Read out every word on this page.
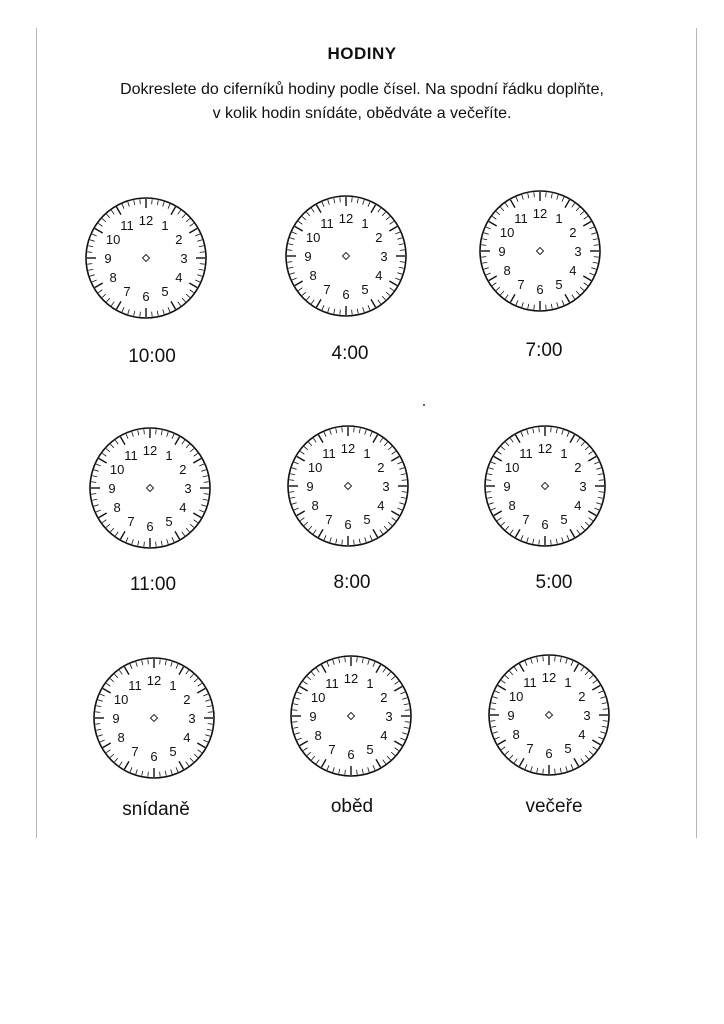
HODINY
Dokreslete do ciferníků hodiny podle čísel. Na spodní řádku doplňte,
v kolik hodin snídáte, obědváte a večeříte.
12 1
2
3
4
5
6
7
8
9
10
11
10:00
12 1
2
3
4
5
6
7
8
9
10
11
4:00
12 1
2
3
4
5
6
7
8
9
10
11
7:00
12 1
2
3
4
5
6
7
8
9
10
11
11:00
12 1
2
3
4
5
6
7
8
9
10
11
8:00
12 1
2
3
4
5
6
7
8
9
10
11
5:00
12 1
2
3
4
5
6
7
8
9
10
11
snídaně
12 1
2
3
4
5
6
7
8
9
10
11
oběd
12 1
2
3
4
5
6
7
8
9
10
11
večeře
